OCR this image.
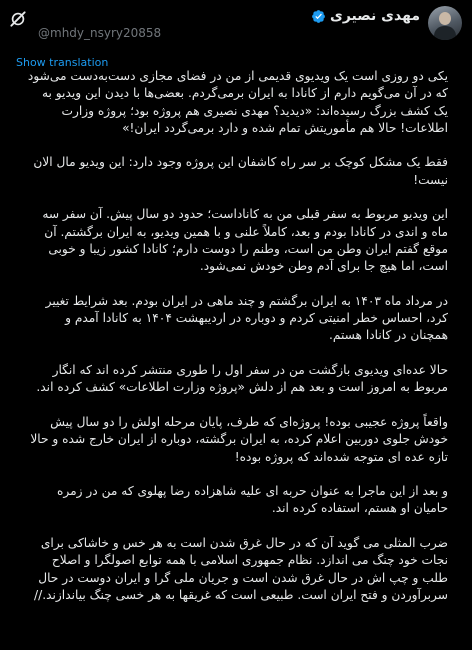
مهدی نصیری
@mhdy_nsyry20858
Show translation

یکی دو روزی است یک ویدیوی قدیمی از من در فضای مجازی دست‌به‌دست می‌شود که در آن می‌گویم دارم از کانادا به ایران برمی‌گردم. بعضی‌ها با دیدن این ویدیو به یک کشف بزرگ رسیده‌اند: «دیدید؟ مهدی نصیری هم پروژه بود؛ پروژه وزارت اطلاعات! حالا هم مأموریتش تمام شده و دارد برمی‌گردد ایران!»

فقط یک مشکل کوچک بر سر راه کاشفان این پروژه وجود دارد: این ویدیو مال الان نیست!

این ویدیو مربوط به سفر قبلی من به کاناداست؛ حدود دو سال پیش. آن سفر سه ماه و اندی در کانادا بودم و بعد، کاملاً علنی و با همین ویدیو، به ایران برگشتم. آن موقع گفتم ایران وطن من است، وطنم را دوست دارم؛ کانادا کشور زیبا و خوبی است، اما هیچ جا برای آدم وطن خودش نمی‌شود.

در مرداد ماه ۱۴۰۳ به ایران برگشتم و چند ماهی در ایران بودم. بعد شرایط تغییر کرد، احساس خطر امنیتی کردم و دوباره در اردیبهشت ۱۴۰۴ به کانادا آمدم و همچنان در کانادا هستم.

حالا عده‌ای ویدیوی بازگشت من در سفر اول را طوری منتشر کرده اند که انگار مربوط به امروز است و بعد هم از دلش «پروژه وزارت اطلاعات» کشف کرده اند.

واقعاً پروژه عجیبی بوده! پروژه‌ای که طرف، پایان مرحله اولش را دو سال پیش خودش جلوی دوربین اعلام کرده، به ایران برگشته، دوباره از ایران خارج شده و حالا تازه عده ای متوجه شده‌اند که پروژه بوده!

و بعد از این ماجرا به عنوان حربه ای علیه شاهزاده رضا پهلوی که من در زمره حامیان او هستم، استفاده کرده اند.

ضرب المثلی می گوید آن که در حال غرق شدن است به هر خس و خاشاکی برای نجات خود چنگ می اندازد. نظام جمهوری اسلامی با همه توابع اصولگرا و اصلاح طلب و چپ اش در حال غرق شدن است و جریان ملی گرا و ایران دوست در حال سربرآوردن و فتح ایران است. طبیعی است که غریقها به هر خسی چنگ بیاندازند.//
